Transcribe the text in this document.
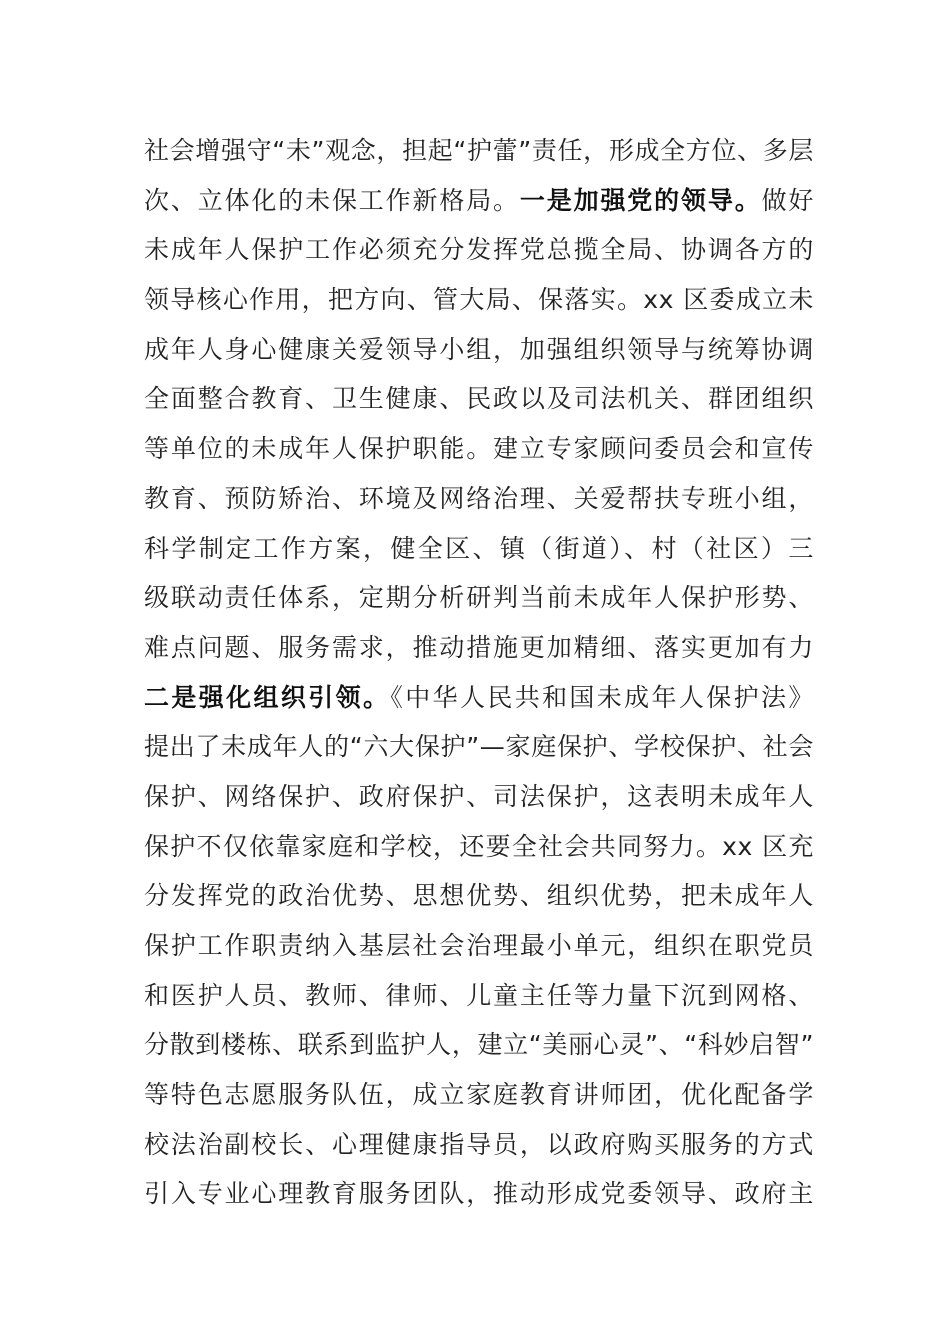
社会增强守“未”观念，担起“护蕾”责任，形成全方位、多层
次、立体化的未保工作新格局。一是加强党的领导。做好
未成年人保护工作必须充分发挥党总揽全局、协调各方的
领导核心作用，把方向、管大局、保落实。xx 区委成立未
成年人身心健康关爱领导小组，加强组织领导与统筹协调
全面整合教育、卫生健康、民政以及司法机关、群团组织
等单位的未成年人保护职能。建立专家顾问委员会和宣传
教育、预防矫治、环境及网络治理、关爱帮扶专班小组，
科学制定工作方案，健全区、镇（街道）、村（社区）三
级联动责任体系，定期分析研判当前未成年人保护形势、
难点问题、服务需求，推动措施更加精细、落实更加有力
二是强化组织引领。《中华人民共和国未成年人保护法》
提出了未成年人的“六大保护”—家庭保护、学校保护、社会
保护、网络保护、政府保护、司法保护，这表明未成年人
保护不仅依靠家庭和学校，还要全社会共同努力。xx 区充
分发挥党的政治优势、思想优势、组织优势，把未成年人
保护工作职责纳入基层社会治理最小单元，组织在职党员
和医护人员、教师、律师、儿童主任等力量下沉到网格、
分散到楼栋、联系到监护人，建立“美丽心灵”、“科妙启智”
等特色志愿服务队伍，成立家庭教育讲师团，优化配备学
校法治副校长、心理健康指导员，以政府购买服务的方式
引入专业心理教育服务团队，推动形成党委领导、政府主
